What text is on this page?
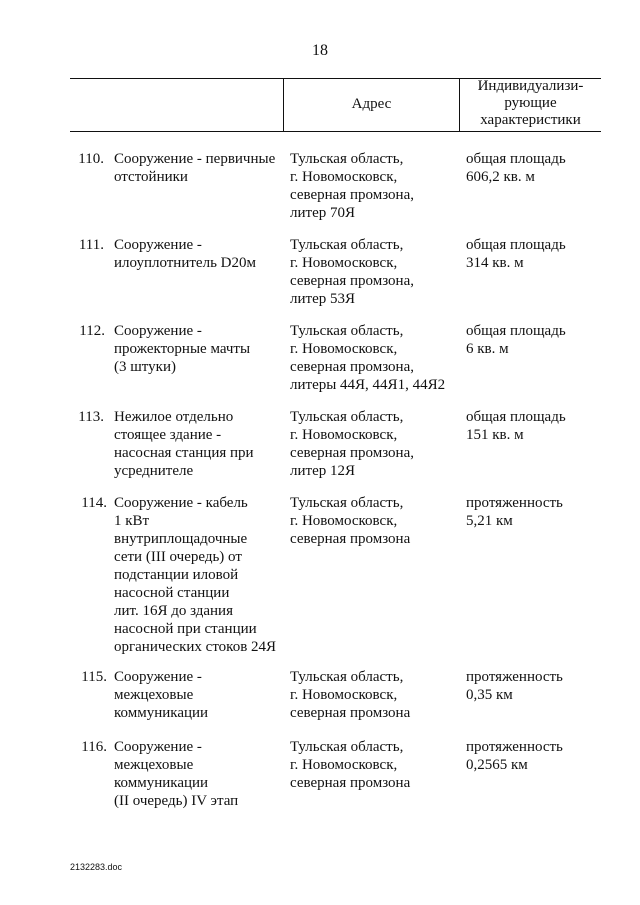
18
Адрес
Индивидуализи-
рующие
характеристики
110. Сооружение - первичные
отстойники
Тульская область,
г. Новомосковск,
северная промзона,
литер 70Я
общая площадь
606,2 кв. м
111. Сооружение -
илоуплотнитель D20м
Тульская область,
г. Новомосковск,
северная промзона,
литер 53Я
общая площадь
314 кв. м
112. Сооружение -
прожекторные мачты
(3 штуки)
Тульская область,
г. Новомосковск,
северная промзона,
литеры 44Я, 44Я1, 44Я2
общая площадь
6 кв. м
113. Нежилое отдельно
стоящее здание -
насосная станция при
усреднителе
Тульская область,
г. Новомосковск,
северная промзона,
литер 12Я
общая площадь
151 кв. м
114. Сооружение - кабель
1 кВт
внутриплощадочные
сети (III очередь) от
подстанции иловой
насосной станции
лит. 16Я до здания
насосной при станции
органических стоков 24Я
Тульская область,
г. Новомосковск,
северная промзона
протяженность
5,21 км
115. Сооружение -
межцеховые
коммуникации
Тульская область,
г. Новомосковск,
северная промзона
протяженность
0,35 км
116. Сооружение -
межцеховые
коммуникации
(II очередь) IV этап
Тульская область,
г. Новомосковск,
северная промзона
протяженность
0,2565 км
2132283.doc
